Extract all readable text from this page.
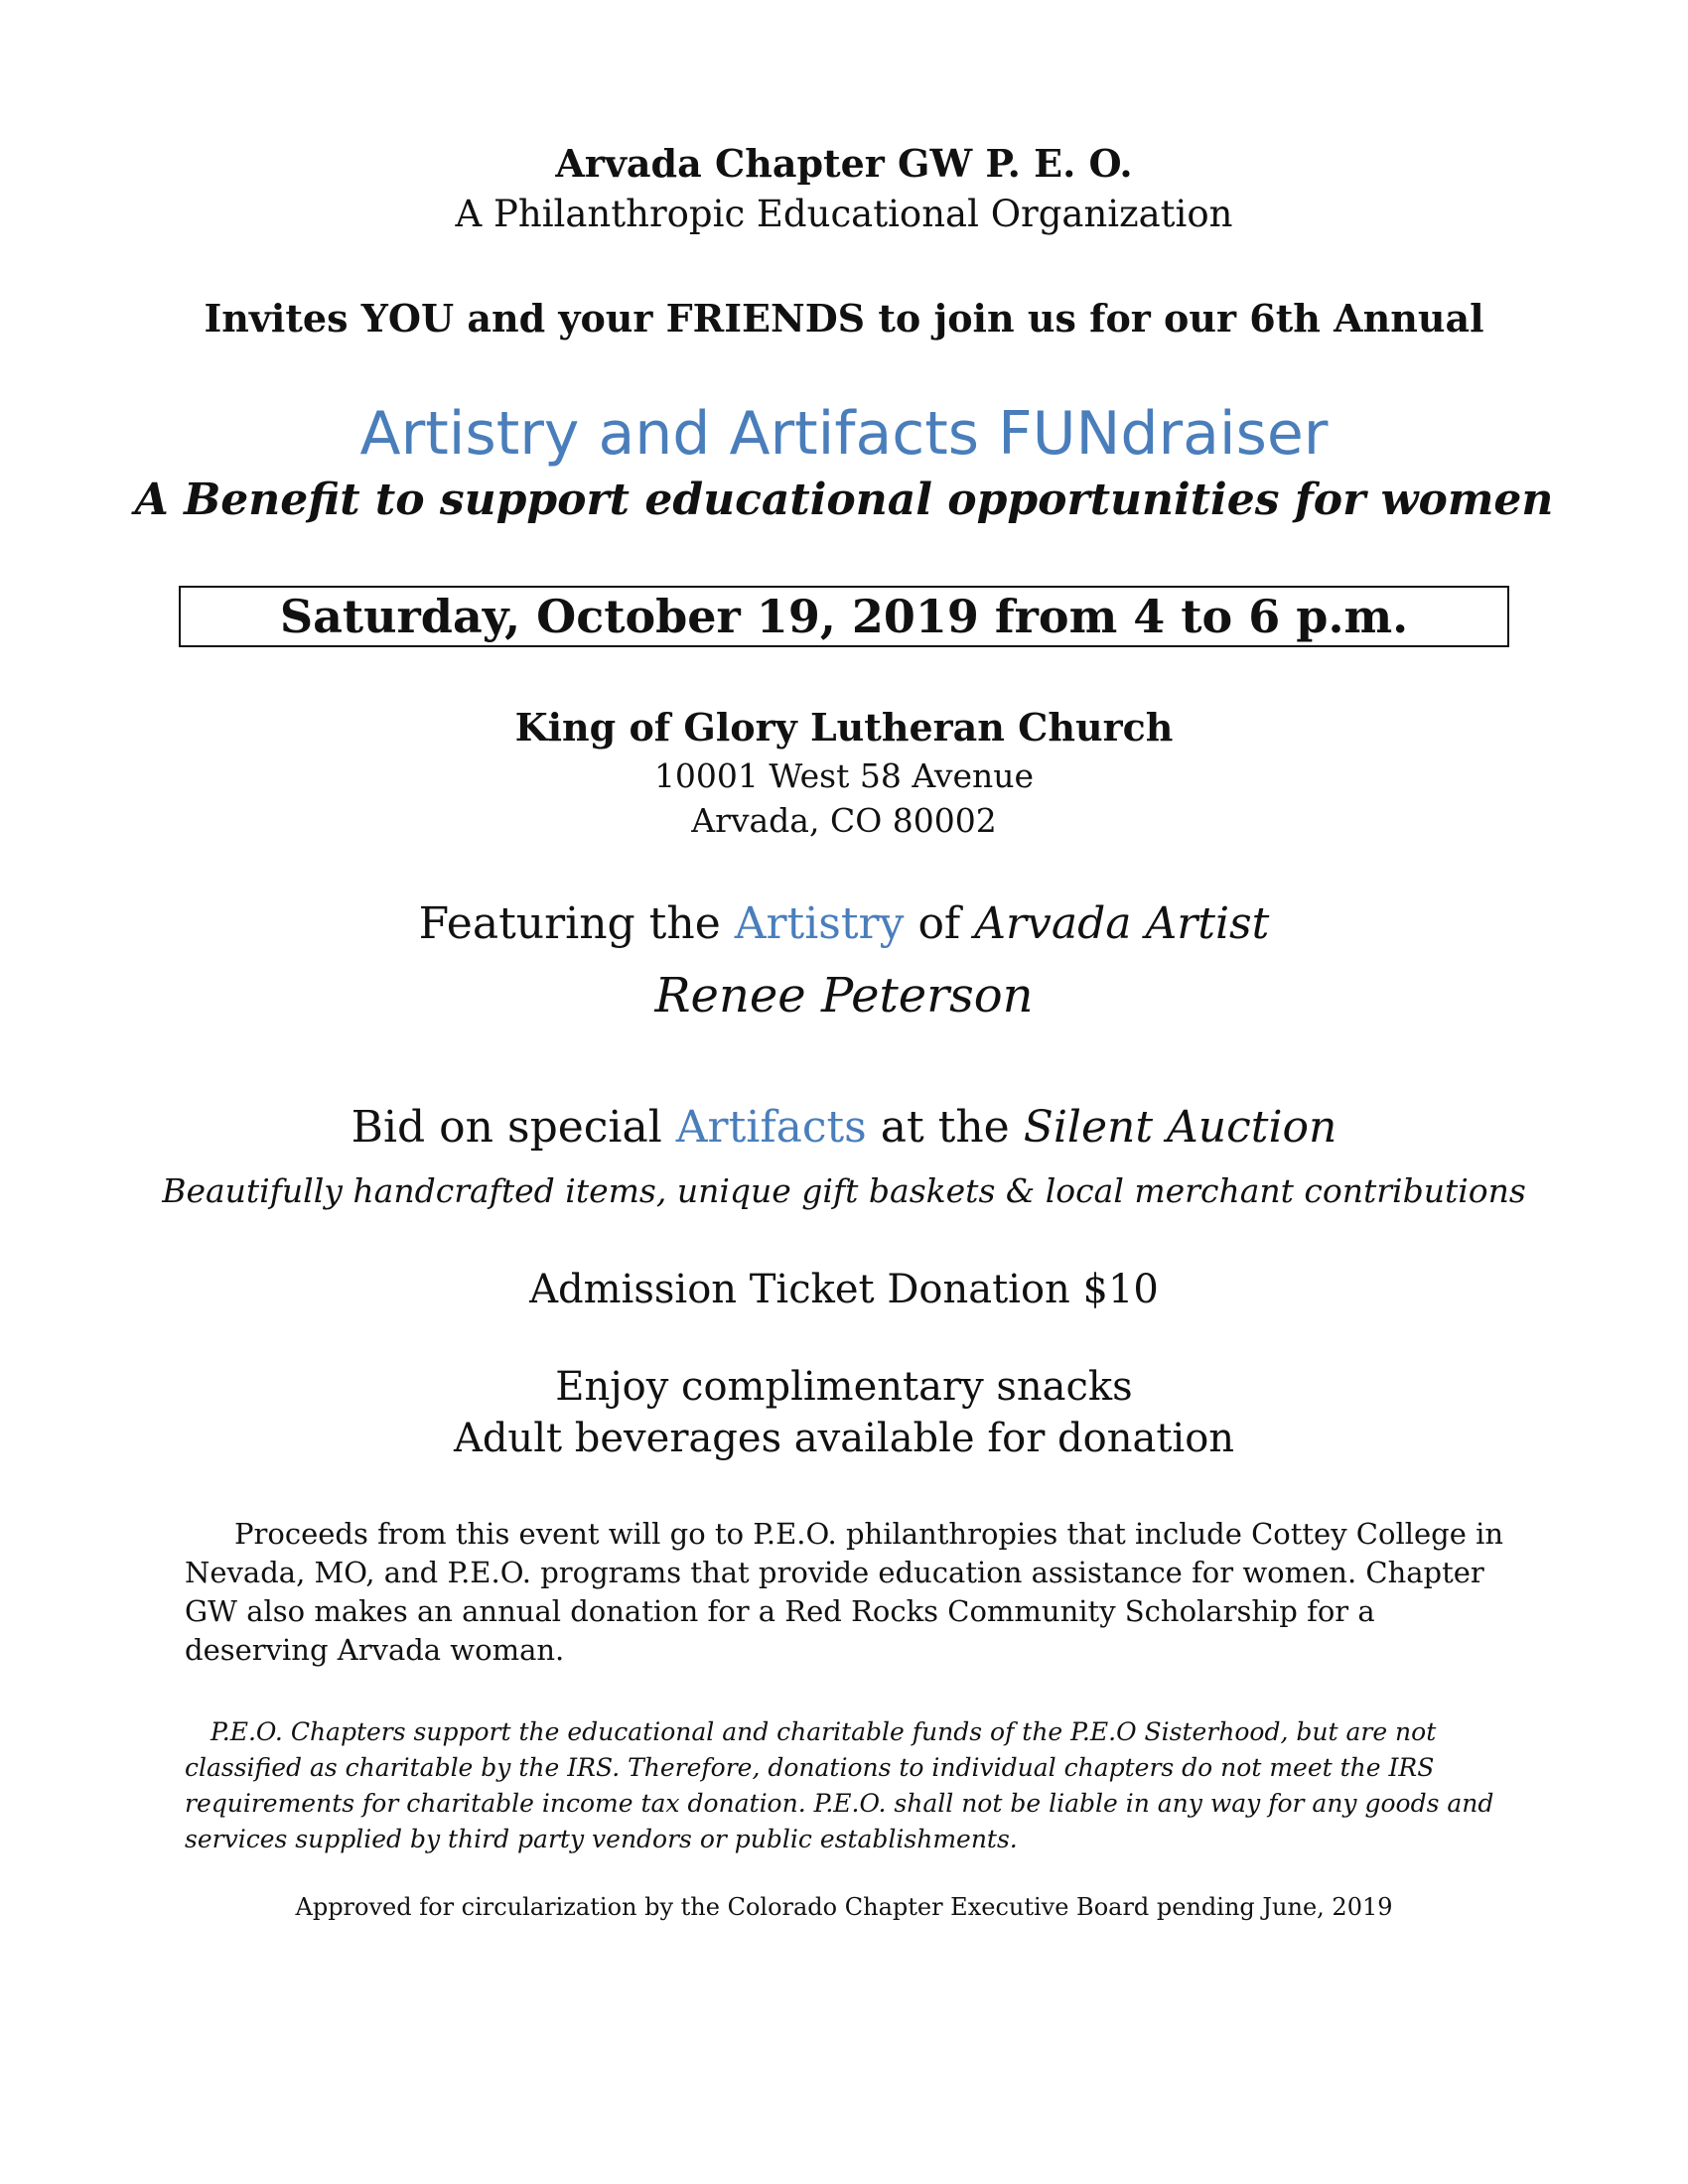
Arvada Chapter GW P. E. O.
A Philanthropic Educational Organization
Invites YOU and your FRIENDS to join us for our 6th Annual
Artistry and Artifacts FUNdraiser
A Benefit to support educational opportunities for women
Saturday, October 19, 2019 from 4 to 6 p.m.
King of Glory Lutheran Church
10001 West 58 Avenue
Arvada, CO 80002
Featuring the Artistry of Arvada Artist
Renee Peterson
Bid on special Artifacts at the Silent Auction
Beautifully handcrafted items, unique gift baskets & local merchant contributions
Admission Ticket Donation $10
Enjoy complimentary snacks
Adult beverages available for donation
Proceeds from this event will go to P.E.O. philanthropies that include Cottey College in Nevada, MO, and P.E.O. programs that provide education assistance for women. Chapter GW also makes an annual donation for a Red Rocks Community Scholarship for a deserving Arvada woman.
P.E.O. Chapters support the educational and charitable funds of the P.E.O Sisterhood, but are not classified as charitable by the IRS. Therefore, donations to individual chapters do not meet the IRS requirements for charitable income tax donation. P.E.O. shall not be liable in any way for any goods and services supplied by third party vendors or public establishments.
Approved for circularization by the Colorado Chapter Executive Board pending June, 2019
